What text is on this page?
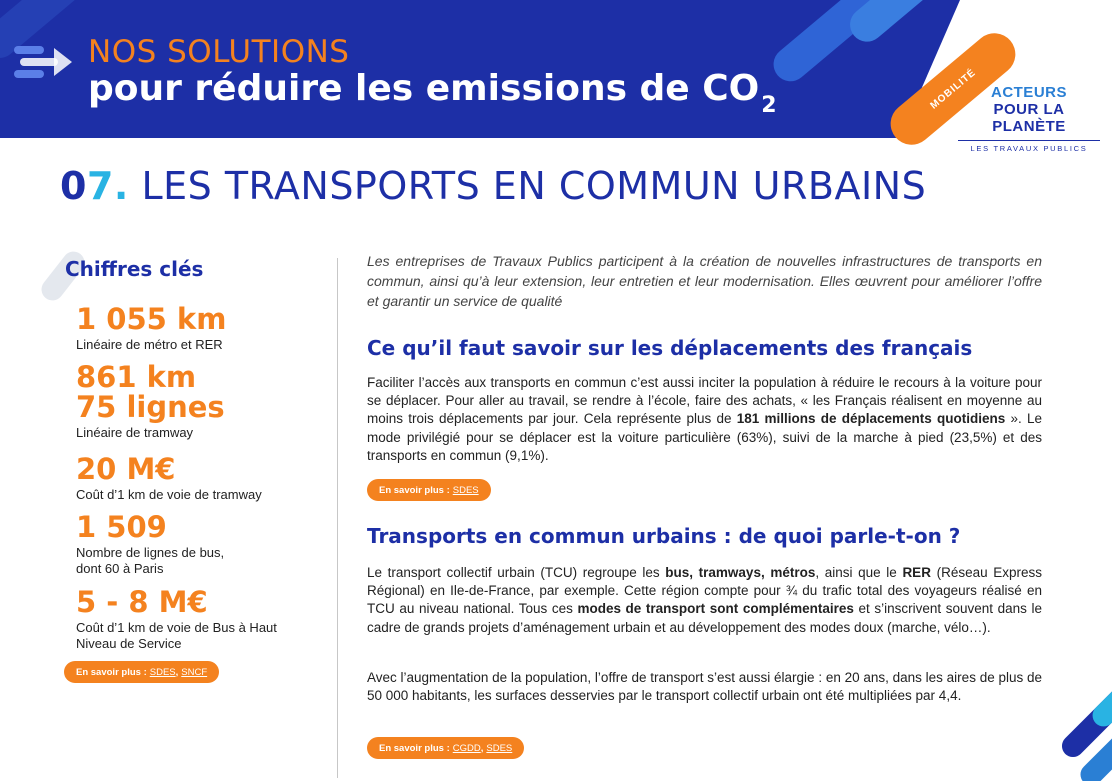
NOS SOLUTIONS
pour réduire les emissions de $CO_2$	MOBILITÉ ACTEURS
POUR LA PLANÈTE
LES TRAVAUX PUBLICS
07. LES TRANSPORTS EN COMMUN URBAINS
Chiffres clés
1 055 km
Linéaire de métro et RER
861 km
75 lignes
Linéaire de tramway
20 M€
Coût d’1 km de voie de tramway
1 509
Nombre de lignes de bus,
dont 60 à Paris
5 - 8 M€
Coût d’1 km de voie de Bus à Haut
Niveau de Service
En savoir plus : SDES , SNCF
Les entreprises de Travaux Publics participent à la création de nouvelles infrastructures de transports en commun, ainsi qu’à leur extension, leur entretien et leur modernisation. Elles œuvrent pour améliorer l’offre et garantir un service de qualité
Ce qu’il faut savoir sur les déplacements des français
Faciliter l’accès aux transports en commun c’est aussi inciter la population à réduire le recours à la voiture pour se déplacer. Pour aller au travail, se rendre à l’école, faire des achats, « les Français réalisent en moyenne au moins trois déplacements par jour. Cela représente plus de 181 millions de déplacements quotidiens ». Le mode privilégié pour se déplacer est la voiture particulière (63%), suivi de la marche à pied (23,5%) et des transports en commun (9,1%).
En savoir plus : SDES
Transports en commun urbains : de quoi parle-t-on ?
Le transport collectif urbain (TCU) regroupe les bus, tramways, métros, ainsi que le RER (Réseau Express Régional) en Ile-de-France, par exemple. Cette région compte pour ¾ du trafic total des voyageurs réalisé en TCU au niveau national. Tous ces modes de transport sont complémentaires et s’inscrivent souvent dans le cadre de grands projets d’aménagement urbain et au développement des modes doux (marche, vélo…).
Avec l’augmentation de la population, l’offre de transport s’est aussi élargie : en 20 ans, dans les aires de plus de 50 000 habitants, les surfaces desservies par le transport collectif urbain ont été multipliées par 4,4.
En savoir plus : CGDD , SDES
